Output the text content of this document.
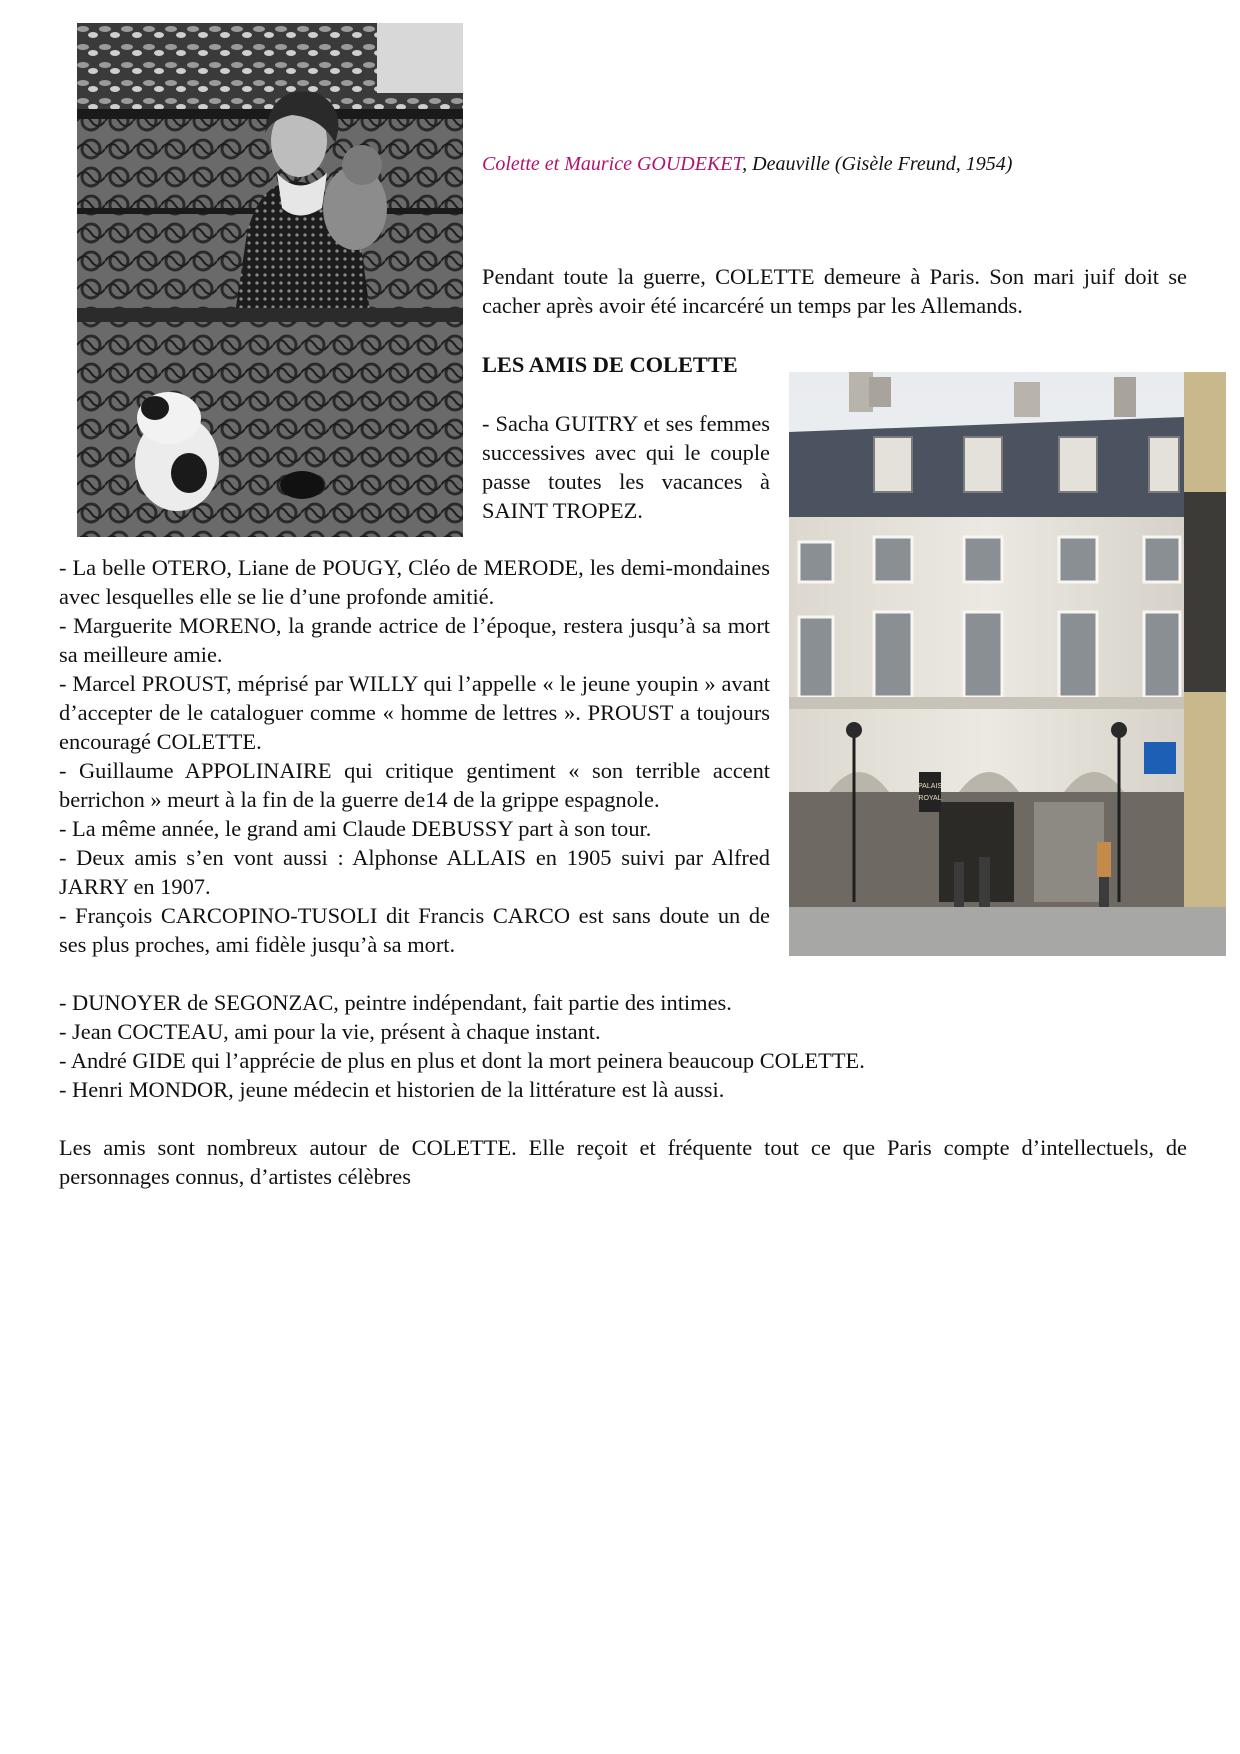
Colette et Maurice GOUDEKET, Deauville (Gisèle Freund, 1954)

Pendant toute la guerre, COLETTE demeure à Paris. Son mari juif doit se cacher après avoir été incarcéré un temps par les Allemands.

LES AMIS DE COLETTE

- Sacha GUITRY et ses femmes successives avec qui le couple passe toutes les vacances à SAINT TROPEZ.

PALAIS
ROYAL
- La belle OTERO, Liane de POUGY, Cléo de MERODE, les demi-mondaines avec lesquelles elle se lie d’une profonde amitié.
- Marguerite MORENO, la grande actrice de l’époque, restera jusqu’à sa mort sa meilleure amie.
- Marcel PROUST, méprisé par WILLY qui l’appelle « le jeune youpin » avant d’accepter de le cataloguer comme « homme de lettres ». PROUST a toujours encouragé COLETTE.
- Guillaume APPOLINAIRE qui critique gentiment « son terrible accent berrichon » meurt à la fin de la guerre de14 de la grippe espagnole.
- La même année, le grand ami Claude DEBUSSY part à son tour.
- Deux amis s’en vont aussi : Alphonse ALLAIS en 1905 suivi par Alfred JARRY en 1907.
- François CARCOPINO-TUSOLI dit Francis CARCO est sans doute un de ses plus proches, ami fidèle jusqu’à sa mort.
- DUNOYER de SEGONZAC, peintre indépendant, fait partie des intimes.
- Jean COCTEAU, ami pour la vie, présent à chaque instant.
- André GIDE qui l’apprécie de plus en plus et dont la mort peinera beaucoup COLETTE.
- Henri MONDOR, jeune médecin et historien de la littérature est là aussi.

Les amis sont nombreux autour de COLETTE. Elle reçoit et fréquente tout ce que Paris compte d’intellectuels, de personnages connus, d’artistes célèbres
